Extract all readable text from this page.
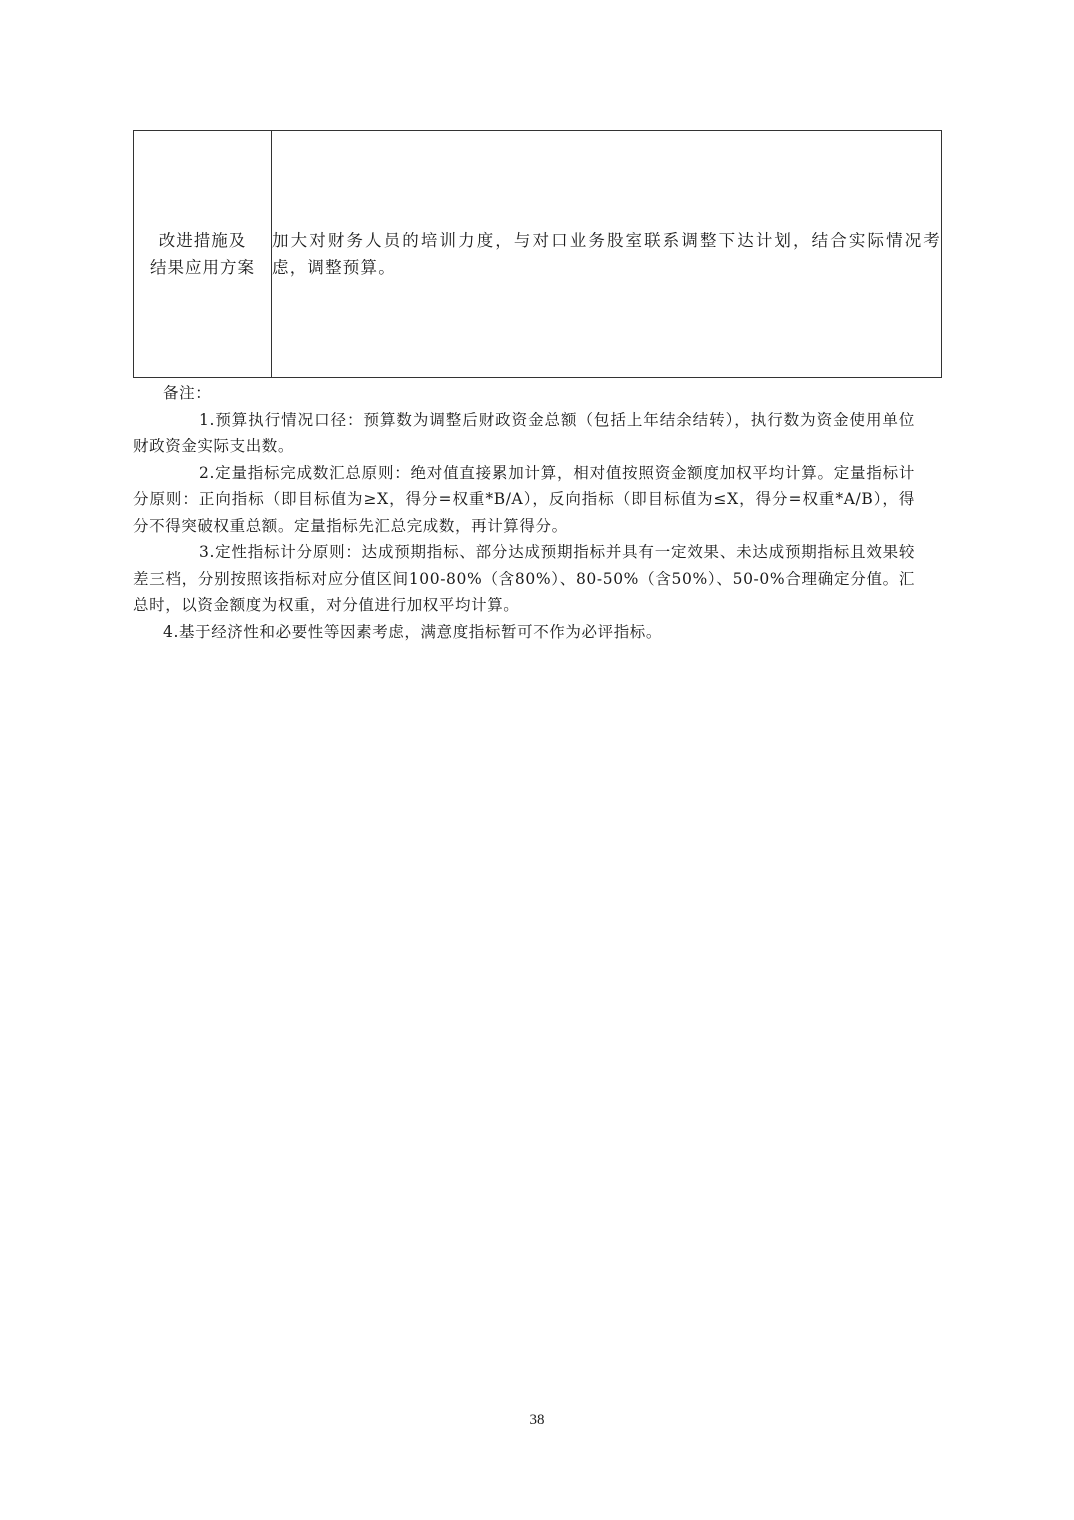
改进措施及
结果应用方案
	加大对财务人员的培训力度，与对口业务股室联系调整下达计划，结合实际情况考虑，调整预算。

备注：

1.预算执行情况口径：预算数为调整后财政资金总额（包括上年结余结转），执行数为资金使用单位财政资金实际支出数。

2.定量指标完成数汇总原则：绝对值直接累加计算，相对值按照资金额度加权平均计算。定量指标计分原则：正向指标（即目标值为≥X，得分=权重*B/A），反向指标（即目标值为≤X，得分=权重*A/B），得分不得突破权重总额。定量指标先汇总完成数，再计算得分。

3.定性指标计分原则：达成预期指标、部分达成预期指标并具有一定效果、未达成预期指标且效果较差三档，分别按照该指标对应分值区间100-80%（含80%）、80-50%（含50%）、50-0%合理确定分值。汇总时，以资金额度为权重，对分值进行加权平均计算。

4.基于经济性和必要性等因素考虑，满意度指标暂可不作为必评指标。

38
